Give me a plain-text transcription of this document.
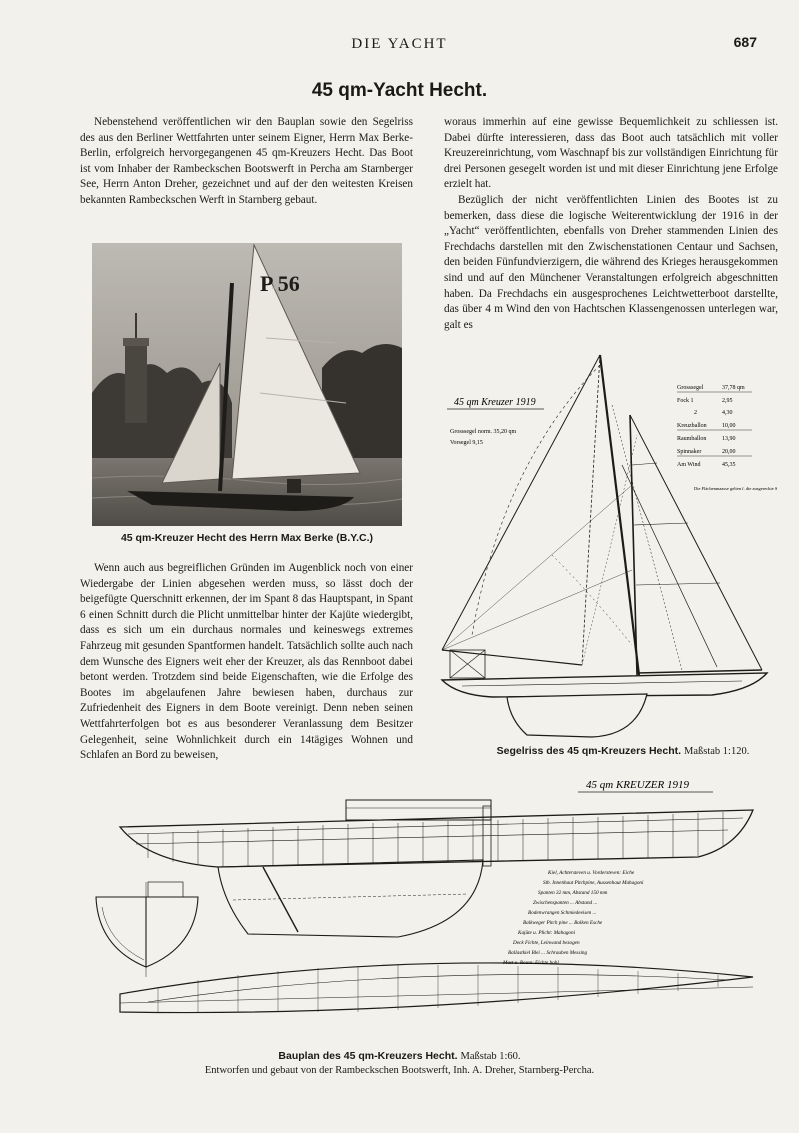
DIE YACHT	687
45 qm-Yacht Hecht.

Nebenstehend veröffentlichen wir den Bauplan sowie den Segelriss des aus den Berliner Wettfahrten unter seinem Eigner, Herrn Max Berke-Berlin, erfolgreich hervorgegangenen 45 qm-Kreuzers Hecht. Das Boot ist vom Inhaber der Rambeckschen Bootswerft in Percha am Starnberger See, Herrn Anton Dreher, gezeichnet und auf der den weitesten Kreisen bekannten Rambeckschen Werft in Starnberg gebaut.

P 56
45 qm-Kreuzer Hecht des Herrn Max Berke (B.Y.C.)

Wenn auch aus begreiflichen Gründen im Augenblick noch von einer Wiedergabe der Linien abgesehen werden muss, so lässt doch der beigefügte Querschnitt erkennen, der im Spant 8 das Hauptspant, in Spant 6 einen Schnitt durch die Plicht unmittelbar hinter der Kajüte wiedergibt, dass es sich um ein durchaus normales und keineswegs extremes Fahrzeug mit gesunden Spantformen handelt. Tatsächlich sollte auch nach dem Wunsche des Eigners weit eher der Kreuzer, als das Rennboot dabei betont werden. Trotzdem sind beide Eigenschaften, wie die Erfolge des Bootes im abgelaufenen Jahre bewiesen haben, durchaus zur Zufriedenheit des Eigners in dem Boote vereinigt. Denn neben seinen Wettfahrterfolgen bot es aus besonderer Veranlassung dem Besitzer Gelegenheit, seine Wohnlichkeit durch ein 14tägiges Wohnen und Schlafen an Bord zu beweisen,

woraus immerhin auf eine gewisse Bequemlichkeit zu schliessen ist. Dabei dürfte interessieren, dass das Boot auch tatsächlich mit voller Kreuzereinrichtung, vom Waschnapf bis zur vollständigen Einrichtung für drei Personen gesegelt worden ist und mit dieser Einrichtung jene Erfolge erzielt hat.

Bezüglich der nicht veröffentlichten Linien des Bootes ist zu bemerken, dass diese die logische Weiterentwicklung der 1916 in der „Yacht“ veröffentlichten, ebenfalls von Dreher stammenden Linien des Frechdachs darstellen mit den Zwischenstationen Centaur und Sachsen, den beiden Fünfundvierzigern, die während des Krieges herausgekommen sind und auf den Münchener Veranstaltungen erfolgreich abgeschnitten haben. Da Frechdachs ein ausgesprochenes Leichtwetterboot darstellte, das über 4 m Wind den von Hachtschen Klassengenossen unterlegen war, galt es

45 qm Kreuzer 1919
Grosssegel norm. 35,20 qm
Vorsegel 9,15
Grosssegel	37,78 qm
Fock 1	2,95
2	4,30
Kreuzballon	10,00
Raumballon	13,90
Spinnaker	20,00
Am Wind	45,35
Die Flächenmaasse gelten f. die ausgereckte Segel.
Segelriss des 45 qm-Kreuzers Hecht. Maßstab 1:120.
45 qm KREUZER 1919
Kiel, Achtersteven u. Vordersteven: Eiche
Stb. Innenhaut Pitchpine, Aussenhaut Mahagoni
Spanten 32 mm, Abstand 150 mm
Zwischenspanten ... Abstand ...
Bodenwrangen Schmiedeeisen ...
Balkweger Pitch pine ... Balken Esche
Kajüte u. Plicht: Mahagoni
Deck Fichte, Leinwand bezogen
Ballastkiel Blei ... Schrauben Messing
Mast u. Baum: Fichte hohl
Bauplan des 45 qm-Kreuzers Hecht. Maßstab 1:60.
Entworfen und gebaut von der Rambeckschen Bootswerft, Inh. A. Dreher, Starnberg-Percha.
